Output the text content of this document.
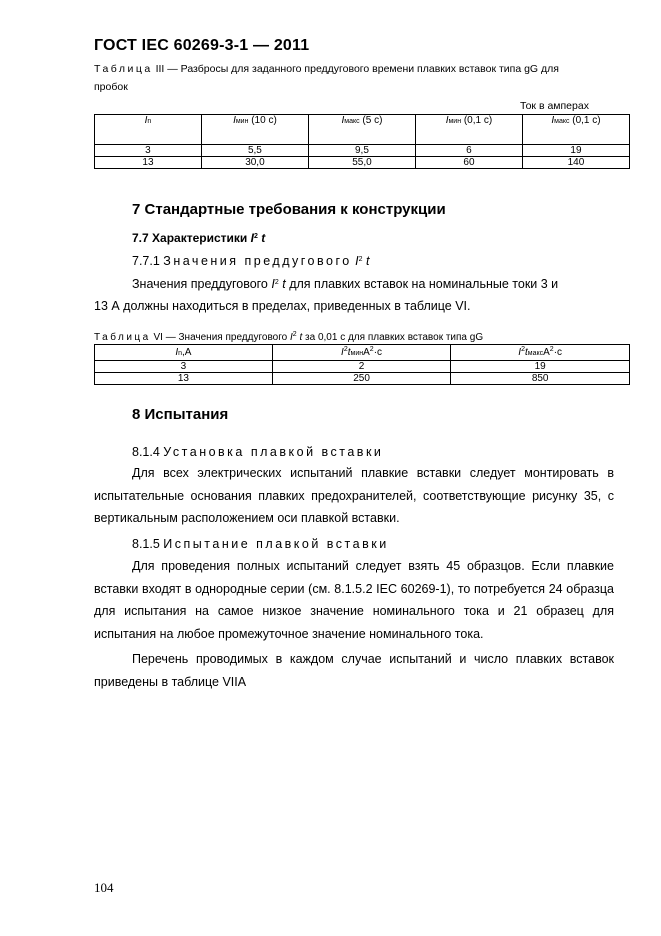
ГОСТ IEC 60269-3-1 — 2011
Таблица III — Разбросы для заданного преддугового времени плавких вставок типа gG для
пробок
Ток в амперах
In	Iмин (10 с)	Iмакс (5 с)	Iмин (0,1 с)	Iмакс (0,1 с)
3	5,5	9,5	6	19
13	30,0	55,0	60	140
7 Стандартные требования к конструкции
7.7 Характеристики $I^2$ t
7.7.1 Значения преддугового $I^2$ t
Значения преддугового $I^2$ t для плавких вставок на номинальные токи 3 и
13 А должны находиться в пределах, приведенных в таблице VI.
Таблица VI — Значения преддугового $I^2$ t за 0,01 с для плавких вставок типа gG
In,А	$I^2tминА^2\cdot с$	$I^2tмаксА^2\cdot с$
3	2	19
13	250	850
8 Испытания
8.1.4 Установка плавкой вставки
Для всех электрических испытаний плавкие вставки следует монтировать в испытательные основания плавких предохранителей, соответствующие рисунку 35, с вертикальным расположением оси плавкой вставки.
8.1.5 Испытание плавкой вставки
Для проведения полных испытаний следует взять 45 образцов. Если плавкие вставки входят в однородные серии (см. 8.1.5.2 IEC 60269-1), то потребуется 24 образца для испытания на самое низкое значение номинального тока и 21 образец для испытания на любое промежуточное значение номинального тока.
Перечень проводимых в каждом случае испытаний и число плавких вставок приведены в таблице VIIA
104
